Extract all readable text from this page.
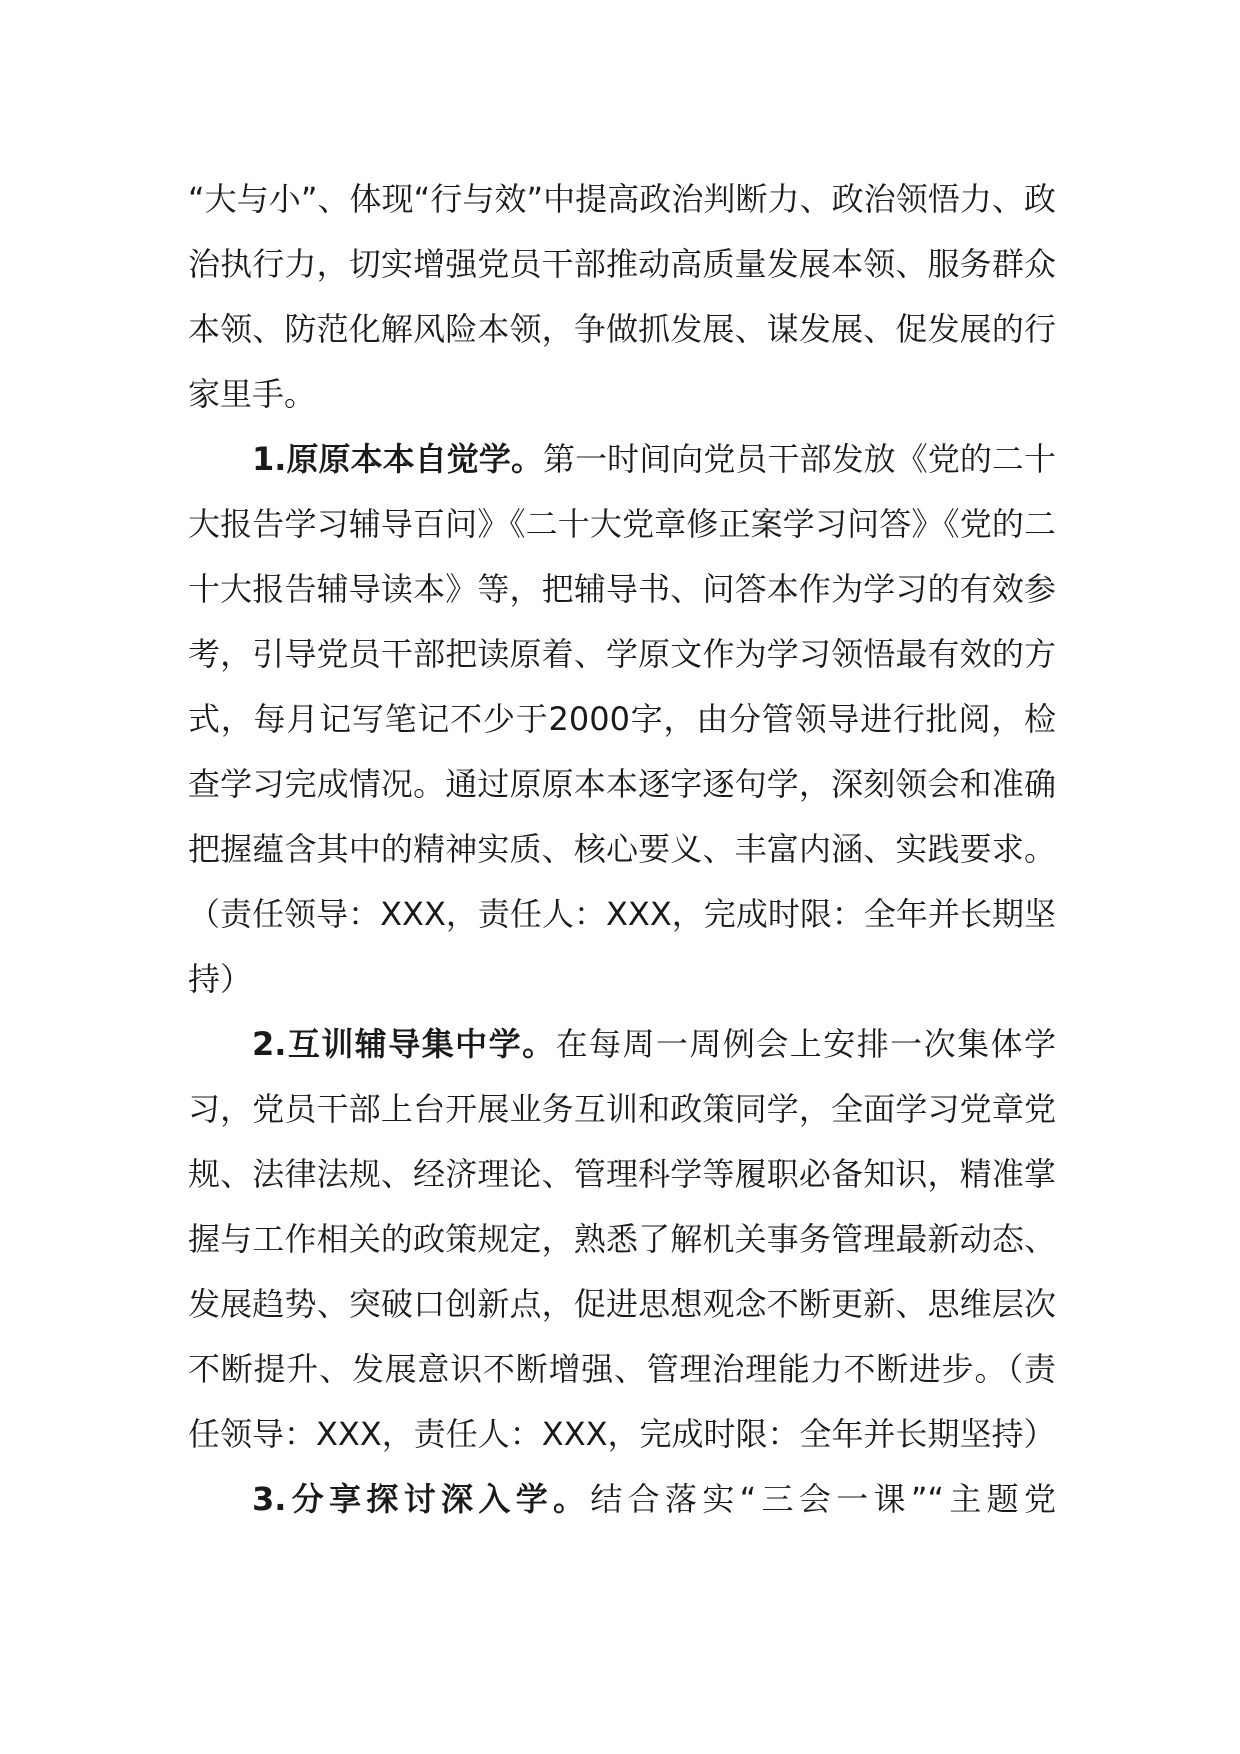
“大与小”、体现“行与效”中提高政治判断力、政治领悟力、政治执行力，切实增强党员干部推动高质量发展本领、服务群众本领、防范化解风险本领，争做抓发展、谋发展、促发展的行家里手。

1.原原本本自觉学。第一时间向党员干部发放《党的二十大报告学习辅导百问》《二十大党章修正案学习问答》《党的二十大报告辅导读本》等，把辅导书、问答本作为学习的有效参考，引导党员干部把读原着、学原文作为学习领悟最有效的方式，每月记写笔记不少于2000字，由分管领导进行批阅，检查学习完成情况。通过原原本本逐字逐句学，深刻领会和准确把握蕴含其中的精神实质、核心要义、丰富内涵、实践要求。（责任领导：XXX，责任人：XXX，完成时限：全年并长期坚持）

2.互训辅导集中学。在每周一周例会上安排一次集体学习，党员干部上台开展业务互训和政策同学，全面学习党章党规、法律法规、经济理论、管理科学等履职必备知识，精准掌握与工作相关的政策规定，熟悉了解机关事务管理最新动态、发展趋势、突破口创新点，促进思想观念不断更新、思维层次不断提升、发展意识不断增强、管理治理能力不断进步。（责任领导：XXX，责任人：XXX，完成时限：全年并长期坚持）

3.分享探讨深入学。结合落实“三会一课”“主题党
